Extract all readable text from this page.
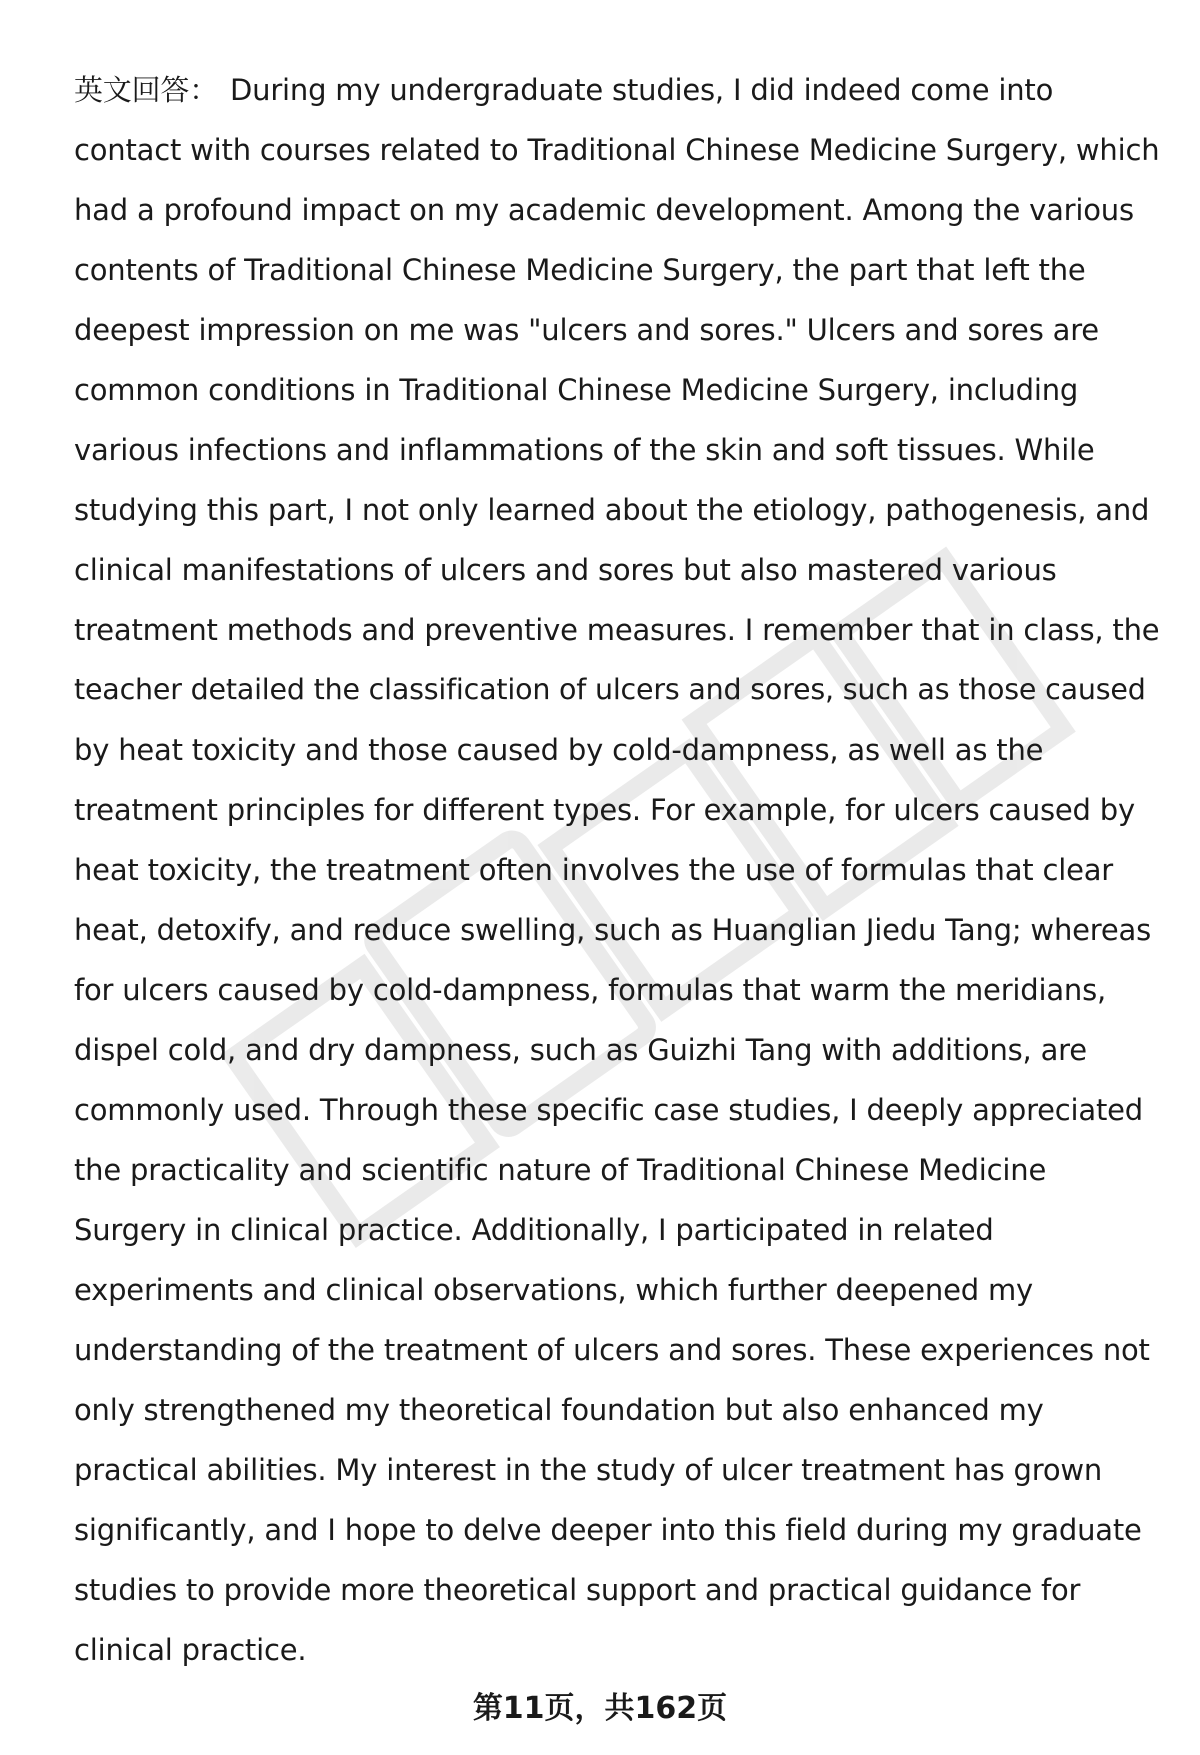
英文回答： During my undergraduate studies, I did indeed come into
contact with courses related to Traditional Chinese Medicine Surgery, which
had a profound impact on my academic development. Among the various
contents of Traditional Chinese Medicine Surgery, the part that left the
deepest impression on me was "ulcers and sores." Ulcers and sores are
common conditions in Traditional Chinese Medicine Surgery, including
various infections and inflammations of the skin and soft tissues. While
studying this part, I not only learned about the etiology, pathogenesis, and
clinical manifestations of ulcers and sores but also mastered various
treatment methods and preventive measures. I remember that in class, the
teacher detailed the classification of ulcers and sores, such as those caused
by heat toxicity and those caused by cold-dampness, as well as the
treatment principles for different types. For example, for ulcers caused by
heat toxicity, the treatment often involves the use of formulas that clear
heat, detoxify, and reduce swelling, such as Huanglian Jiedu Tang; whereas
for ulcers caused by cold-dampness, formulas that warm the meridians,
dispel cold, and dry dampness, such as Guizhi Tang with additions, are
commonly used. Through these specific case studies, I deeply appreciated
the practicality and scientific nature of Traditional Chinese Medicine
Surgery in clinical practice. Additionally, I participated in related
experiments and clinical observations, which further deepened my
understanding of the treatment of ulcers and sores. These experiences not
only strengthened my theoretical foundation but also enhanced my
practical abilities. My interest in the study of ulcer treatment has grown
significantly, and I hope to delve deeper into this field during my graduate
studies to provide more theoretical support and practical guidance for
clinical practice.
第11页，共162页
